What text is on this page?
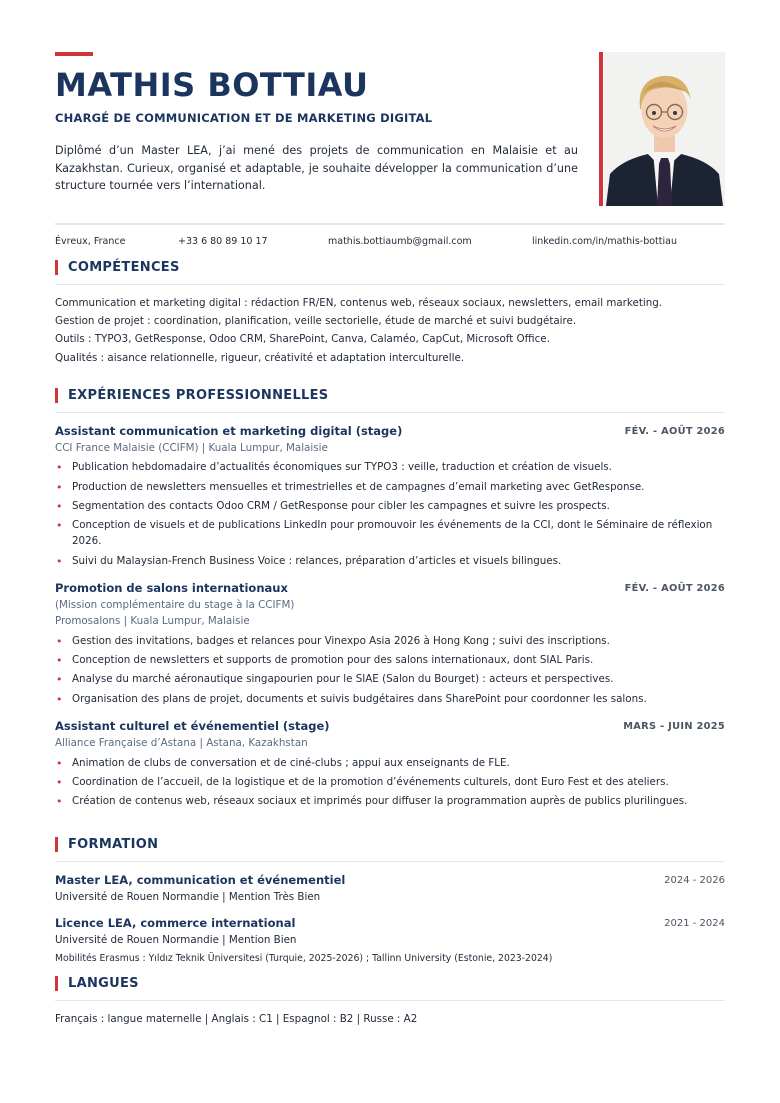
MATHIS BOTTIAU
CHARGÉ DE COMMUNICATION ET DE MARKETING DIGITAL
Diplômé d’un Master LEA, j’ai mené des projets de communication en Malaisie et au Kazakhstan. Curieux, organisé et adaptable, je souhaite développer la communication d’une structure tournée vers l’international.
Évreux, France	+33 6 80 89 10 17	mathis.bottiaumb@gmail.com	linkedin.com/in/mathis-bottiau
COMPÉTENCES
Communication et marketing digital : rédaction FR/EN, contenus web, réseaux sociaux, newsletters, email marketing.
Gestion de projet : coordination, planification, veille sectorielle, étude de marché et suivi budgétaire.
Outils : TYPO3, GetResponse, Odoo CRM, SharePoint, Canva, Calaméo, CapCut, Microsoft Office.
Qualités : aisance relationnelle, rigueur, créativité et adaptation interculturelle.
EXPÉRIENCES PROFESSIONNELLES
Assistant communication et marketing digital (stage)	FÉV. - AOÛT 2026
CCI France Malaisie (CCIFM) | Kuala Lumpur, Malaisie
• Publication hebdomadaire d’actualités économiques sur TYPO3 : veille, traduction et création de visuels.
• Production de newsletters mensuelles et trimestrielles et de campagnes d’email marketing avec GetResponse.
• Segmentation des contacts Odoo CRM / GetResponse pour cibler les campagnes et suivre les prospects.
• Conception de visuels et de publications LinkedIn pour promouvoir les événements de la CCI, dont le Séminaire de réflexion 2026.
• Suivi du Malaysian-French Business Voice : relances, préparation d’articles et visuels bilingues.
Promotion de salons internationaux	FÉV. - AOÛT 2026
(Mission complémentaire du stage à la CCIFM)
Promosalons | Kuala Lumpur, Malaisie
• Gestion des invitations, badges et relances pour Vinexpo Asia 2026 à Hong Kong ; suivi des inscriptions.
• Conception de newsletters et supports de promotion pour des salons internationaux, dont SIAL Paris.
• Analyse du marché aéronautique singapourien pour le SIAE (Salon du Bourget) : acteurs et perspectives.
• Organisation des plans de projet, documents et suivis budgétaires dans SharePoint pour coordonner les salons.
Assistant culturel et événementiel (stage)	MARS - JUIN 2025
Alliance Française d’Astana | Astana, Kazakhstan
• Animation de clubs de conversation et de ciné-clubs ; appui aux enseignants de FLE.
• Coordination de l’accueil, de la logistique et de la promotion d’événements culturels, dont Euro Fest et des ateliers.
• Création de contenus web, réseaux sociaux et imprimés pour diffuser la programmation auprès de publics plurilingues.
FORMATION
Master LEA, communication et événementiel	2024 - 2026
Université de Rouen Normandie | Mention Très Bien
Licence LEA, commerce international	2021 - 2024
Université de Rouen Normandie | Mention Bien
Mobilités Erasmus : Yıldız Teknik Üniversitesi (Turquie, 2025-2026) ; Tallinn University (Estonie, 2023-2024)
LANGUES
Français : langue maternelle | Anglais : C1 | Espagnol : B2 | Russe : A2
